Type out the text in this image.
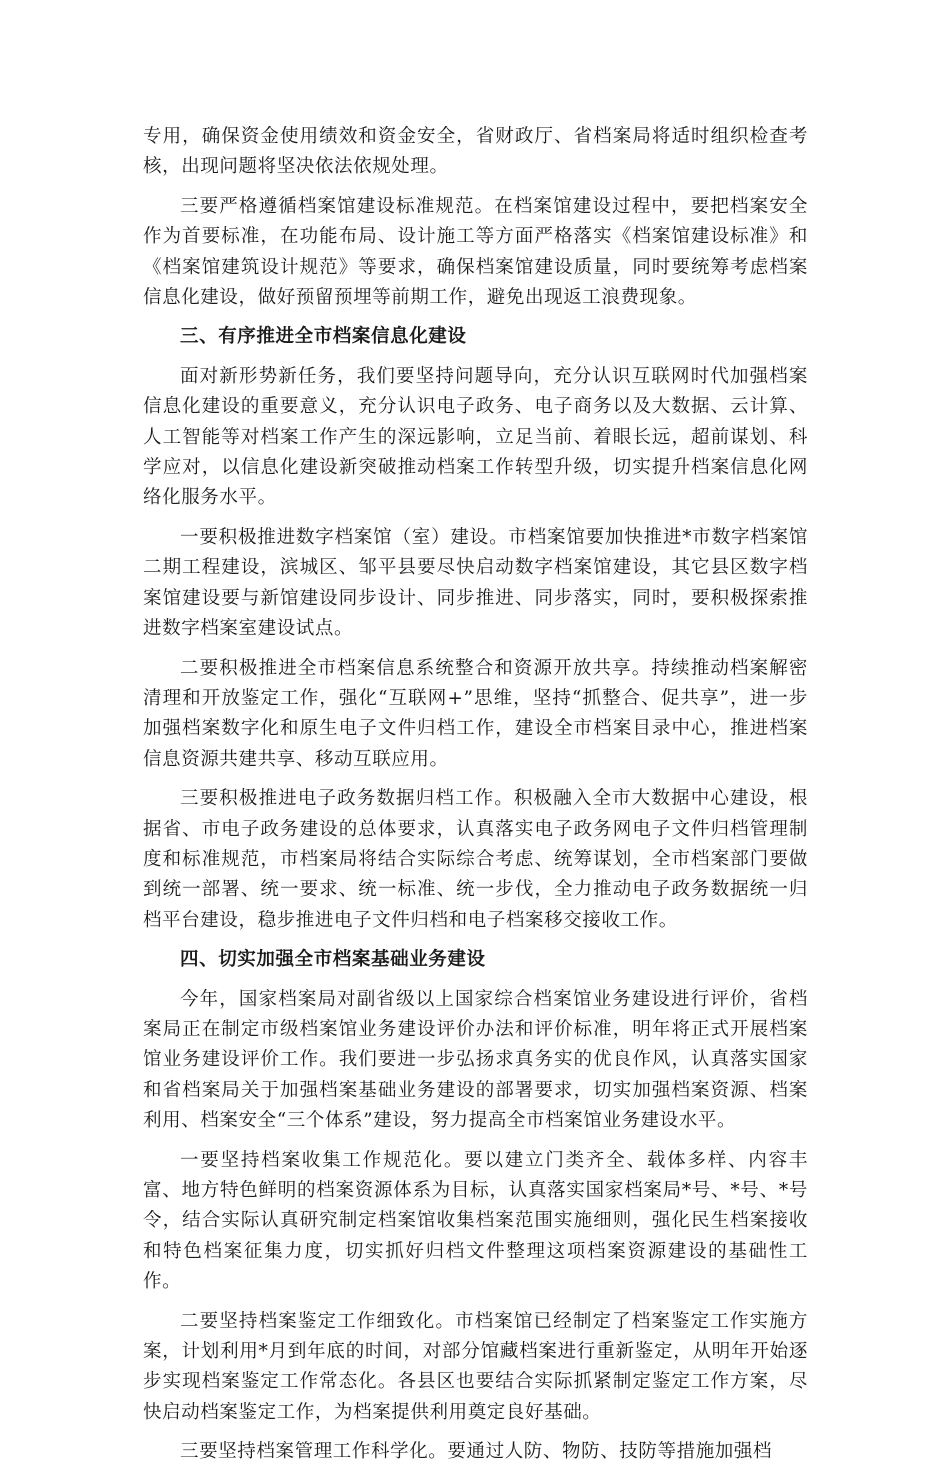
专用，确保资金使用绩效和资金安全，省财政厅、省档案局将适时组织检查考核，出现问题将坚决依法依规处理。

三要严格遵循档案馆建设标准规范。在档案馆建设过程中，要把档案安全作为首要标准，在功能布局、设计施工等方面严格落实《档案馆建设标准》和《档案馆建筑设计规范》等要求，确保档案馆建设质量，同时要统筹考虑档案信息化建设，做好预留预埋等前期工作，避免出现返工浪费现象。

三、有序推进全市档案信息化建设

面对新形势新任务，我们要坚持问题导向，充分认识互联网时代加强档案信息化建设的重要意义，充分认识电子政务、电子商务以及大数据、云计算、人工智能等对档案工作产生的深远影响，立足当前、着眼长远，超前谋划、科学应对，以信息化建设新突破推动档案工作转型升级，切实提升档案信息化网络化服务水平。

一要积极推进数字档案馆（室）建设。市档案馆要加快推进*市数字档案馆二期工程建设，滨城区、邹平县要尽快启动数字档案馆建设，其它县区数字档案馆建设要与新馆建设同步设计、同步推进、同步落实，同时，要积极探索推进数字档案室建设试点。

二要积极推进全市档案信息系统整合和资源开放共享。持续推动档案解密清理和开放鉴定工作，强化“互联网+”思维，坚持“抓整合、促共享”，进一步加强档案数字化和原生电子文件归档工作，建设全市档案目录中心，推进档案信息资源共建共享、移动互联应用。

三要积极推进电子政务数据归档工作。积极融入全市大数据中心建设，根据省、市电子政务建设的总体要求，认真落实电子政务网电子文件归档管理制度和标准规范，市档案局将结合实际综合考虑、统筹谋划，全市档案部门要做到统一部署、统一要求、统一标准、统一步伐，全力推动电子政务数据统一归档平台建设，稳步推进电子文件归档和电子档案移交接收工作。

四、切实加强全市档案基础业务建设

今年，国家档案局对副省级以上国家综合档案馆业务建设进行评价，省档案局正在制定市级档案馆业务建设评价办法和评价标准，明年将正式开展档案馆业务建设评价工作。我们要进一步弘扬求真务实的优良作风，认真落实国家和省档案局关于加强档案基础业务建设的部署要求，切实加强档案资源、档案利用、档案安全“三个体系”建设，努力提高全市档案馆业务建设水平。

一要坚持档案收集工作规范化。要以建立门类齐全、载体多样、内容丰富、地方特色鲜明的档案资源体系为目标，认真落实国家档案局*号、*号、*号令，结合实际认真研究制定档案馆收集档案范围实施细则，强化民生档案接收和特色档案征集力度，切实抓好归档文件整理这项档案资源建设的基础性工作。

二要坚持档案鉴定工作细致化。市档案馆已经制定了档案鉴定工作实施方案，计划利用*月到年底的时间，对部分馆藏档案进行重新鉴定，从明年开始逐步实现档案鉴定工作常态化。各县区也要结合实际抓紧制定鉴定工作方案，尽快启动档案鉴定工作，为档案提供利用奠定良好基础。

三要坚持档案管理工作科学化。要通过人防、物防、技防等措施加强档
